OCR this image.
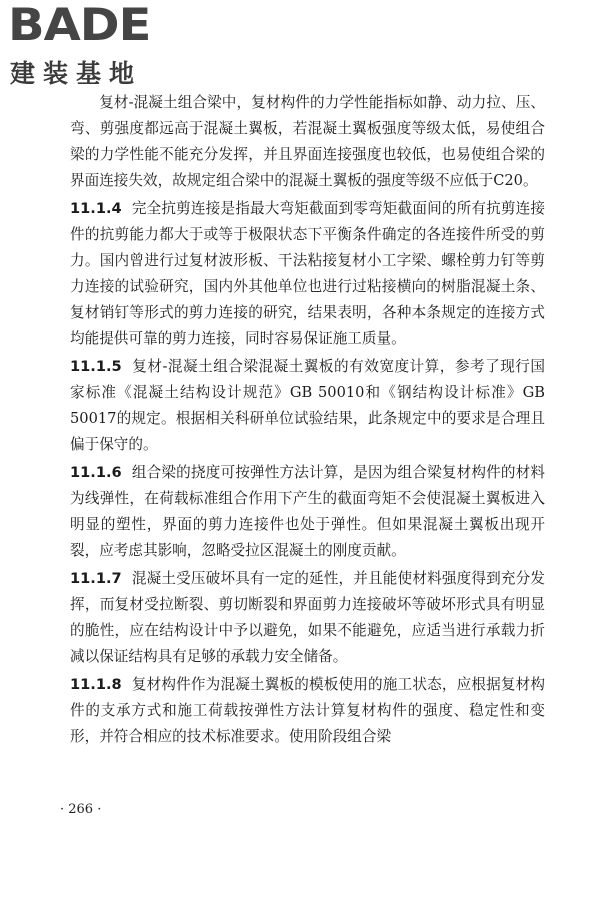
BADE
建装基地

复材-混凝土组合梁中，复材构件的力学性能指标如静、动力拉、压、弯、剪强度都远高于混凝土翼板，若混凝土翼板强度等级太低，易使组合梁的力学性能不能充分发挥，并且界面连接强度也较低，也易使组合梁的界面连接失效，故规定组合梁中的混凝土翼板的强度等级不应低于C20。

11.1.4 完全抗剪连接是指最大弯矩截面到零弯矩截面间的所有抗剪连接件的抗剪能力都大于或等于极限状态下平衡条件确定的各连接件所受的剪力。国内曾进行过复材波形板、干法粘接复材小工字梁、螺栓剪力钉等剪力连接的试验研究，国内外其他单位也进行过粘接横向的树脂混凝土条、复材销钉等形式的剪力连接的研究，结果表明，各种本条规定的连接方式均能提供可靠的剪力连接，同时容易保证施工质量。

11.1.5 复材-混凝土组合梁混凝土翼板的有效宽度计算，参考了现行国家标准《混凝土结构设计规范》GB 50010和《钢结构设计标准》GB 50017的规定。根据相关科研单位试验结果，此条规定中的要求是合理且偏于保守的。

11.1.6 组合梁的挠度可按弹性方法计算，是因为组合梁复材构件的材料为线弹性，在荷载标准组合作用下产生的截面弯矩不会使混凝土翼板进入明显的塑性，界面的剪力连接件也处于弹性。但如果混凝土翼板出现开裂，应考虑其影响，忽略受拉区混凝土的刚度贡献。

11.1.7 混凝土受压破坏具有一定的延性，并且能使材料强度得到充分发挥，而复材受拉断裂、剪切断裂和界面剪力连接破坏等破坏形式具有明显的脆性，应在结构设计中予以避免，如果不能避免，应适当进行承载力折减以保证结构具有足够的承载力安全储备。

11.1.8 复材构件作为混凝土翼板的模板使用的施工状态，应根据复材构件的支承方式和施工荷载按弹性方法计算复材构件的强度、稳定性和变形，并符合相应的技术标准要求。使用阶段组合梁

· 266 ·
